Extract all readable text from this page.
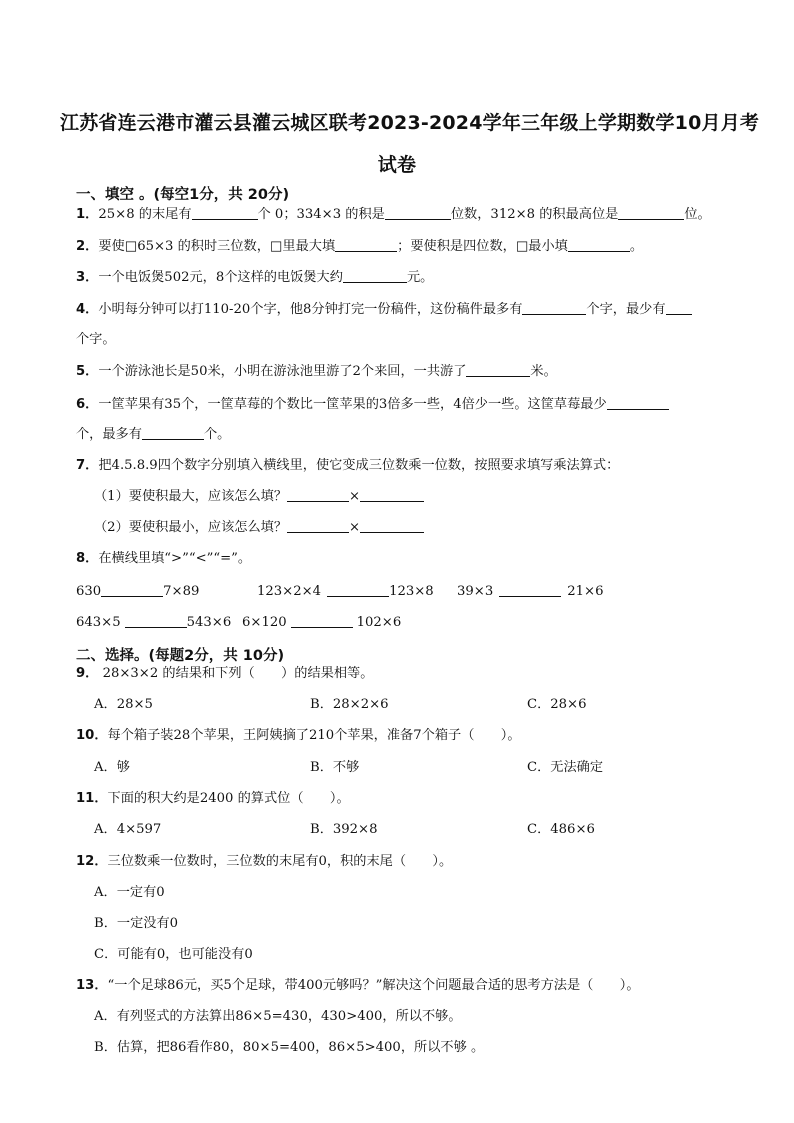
江苏省连云港市灌云县灌云城区联考2023-2024学年三年级上学期数学10月月考
试卷
一、填空 。(每空1分，共 20分)
1．25×8 的末尾有	个 0；334×3 的积是	位数，312×8 的积最高位是	位。
2．要使□65×3 的积时三位数，□里最大填	；要使积是四位数，□最小填	。
3．一个电饭煲502元，8个这样的电饭煲大约	元。
4．小明每分钟可以打110-20个字，他8分钟打完一份稿件，这份稿件最多有	个字，最少有
个字。
5．一个游泳池长是50米，小明在游泳池里游了2个来回，一共游了	米。
6．一筐苹果有35个，一筐草莓的个数比一筐苹果的3倍多一些，4倍少一些。这筐草莓最少
个，最多有	个。
7．把4.5.8.9四个数字分别填入横线里，使它变成三位数乘一位数，按照要求填写乘法算式：
（1）要使积最大，应该怎么填？	×
（2）要使积最小，应该怎么填？	×
8．在横线里填“>”“<”“=”。
630	7×89	123×2×4	123×8 39×3	21×6
643×5	543×6 6×120	102×6
二、选择。(每题2分，共 10分)
9． 28×3×2 的结果和下列（　　）的结果相等。
A．28×5	B．28×2×6	C．28×6
10．每个箱子装28个苹果，王阿姨摘了210个苹果，准备7个箱子（　　）。
A．够	B．不够	C．无法确定
11．下面的积大约是2400 的算式位（　　）。
A．4×597	B．392×8	C．486×6
12．三位数乘一位数时，三位数的末尾有0，积的末尾（　　）。
A．一定有0
B．一定没有0
C．可能有0，也可能没有0
13．“一个足球86元，买5个足球，带400元够吗？”解决这个问题最合适的思考方法是（　　）。
A．有列竖式的方法算出86×5=430，430>400，所以不够。
B．估算，把86看作80，80×5=400，86×5>400，所以不够 。
